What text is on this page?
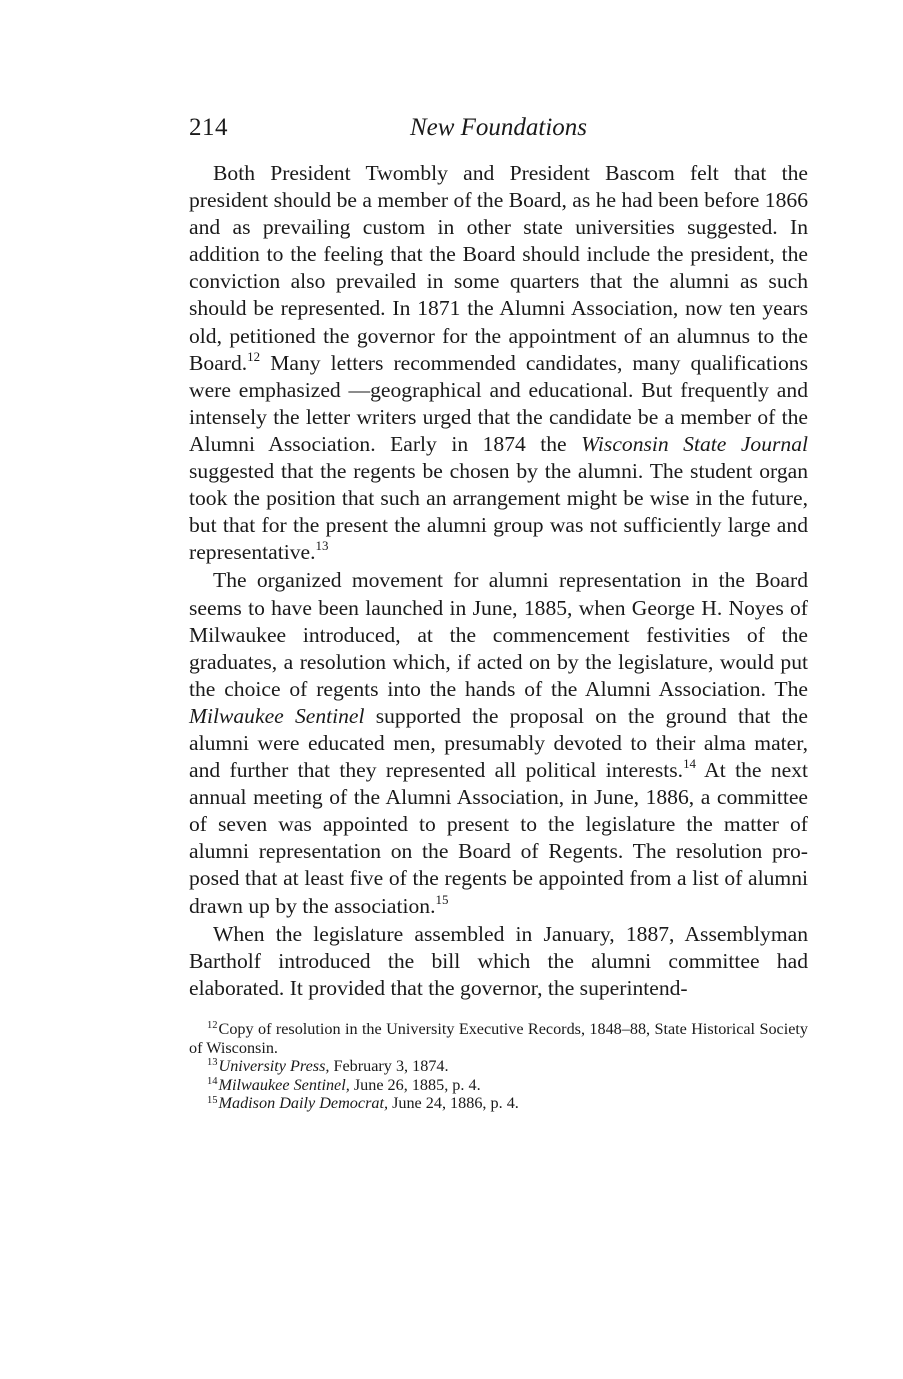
214	New Foundations

Both President Twombly and President Bascom felt that the president should be a member of the Board, as he had been before 1866 and as prevailing custom in other state universities suggested. In addition to the feeling that the Board should include the president, the conviction also prevailed in some quarters that the alumni as such should be represented. In 1871 the Alumni Association, now ten years old, petitioned the governor for the appointment of an alumnus to the Board.$^{12}$ Many letters recommended candidates, many qualifications were emphasized —geographical and educational. But frequently and intensely the letter writers urged that the candidate be a member of the Alumni Association. Early in 1874 the Wisconsin State Journal suggested that the regents be chosen by the alumni. The student organ took the position that such an arrangement might be wise in the future, but that for the present the alumni group was not sufficiently large and representative.$^{13}$

The organized movement for alumni representation in the Board seems to have been launched in June, 1885, when George H. Noyes of Milwaukee introduced, at the commencement festivities of the graduates, a resolution which, if acted on by the legislature, would put the choice of regents into the hands of the Alumni Association. The Milwaukee Sentinel supported the proposal on the ground that the alumni were educated men, presumably devoted to their alma mater, and further that they represented all political interests.$^{14}$ At the next annual meeting of the Alumni Association, in June, 1886, a committee of seven was appointed to present to the legislature the matter of alumni representation on the Board of Regents. The resolution proposed that at least five of the regents be appointed from a list of alumni drawn up by the association.$^{15}$

When the legislature assembled in January, 1887, Assemblyman Bartholf introduced the bill which the alumni committee had elaborated. It provided that the governor, the superintend-

$^{12}$Copy of resolution in the University Executive Records, 1848–88, State Historical Society of Wisconsin.

$^{13}$University Press, February 3, 1874.

$^{14}$Milwaukee Sentinel, June 26, 1885, p. 4.

$^{15}$Madison Daily Democrat, June 24, 1886, p. 4.
